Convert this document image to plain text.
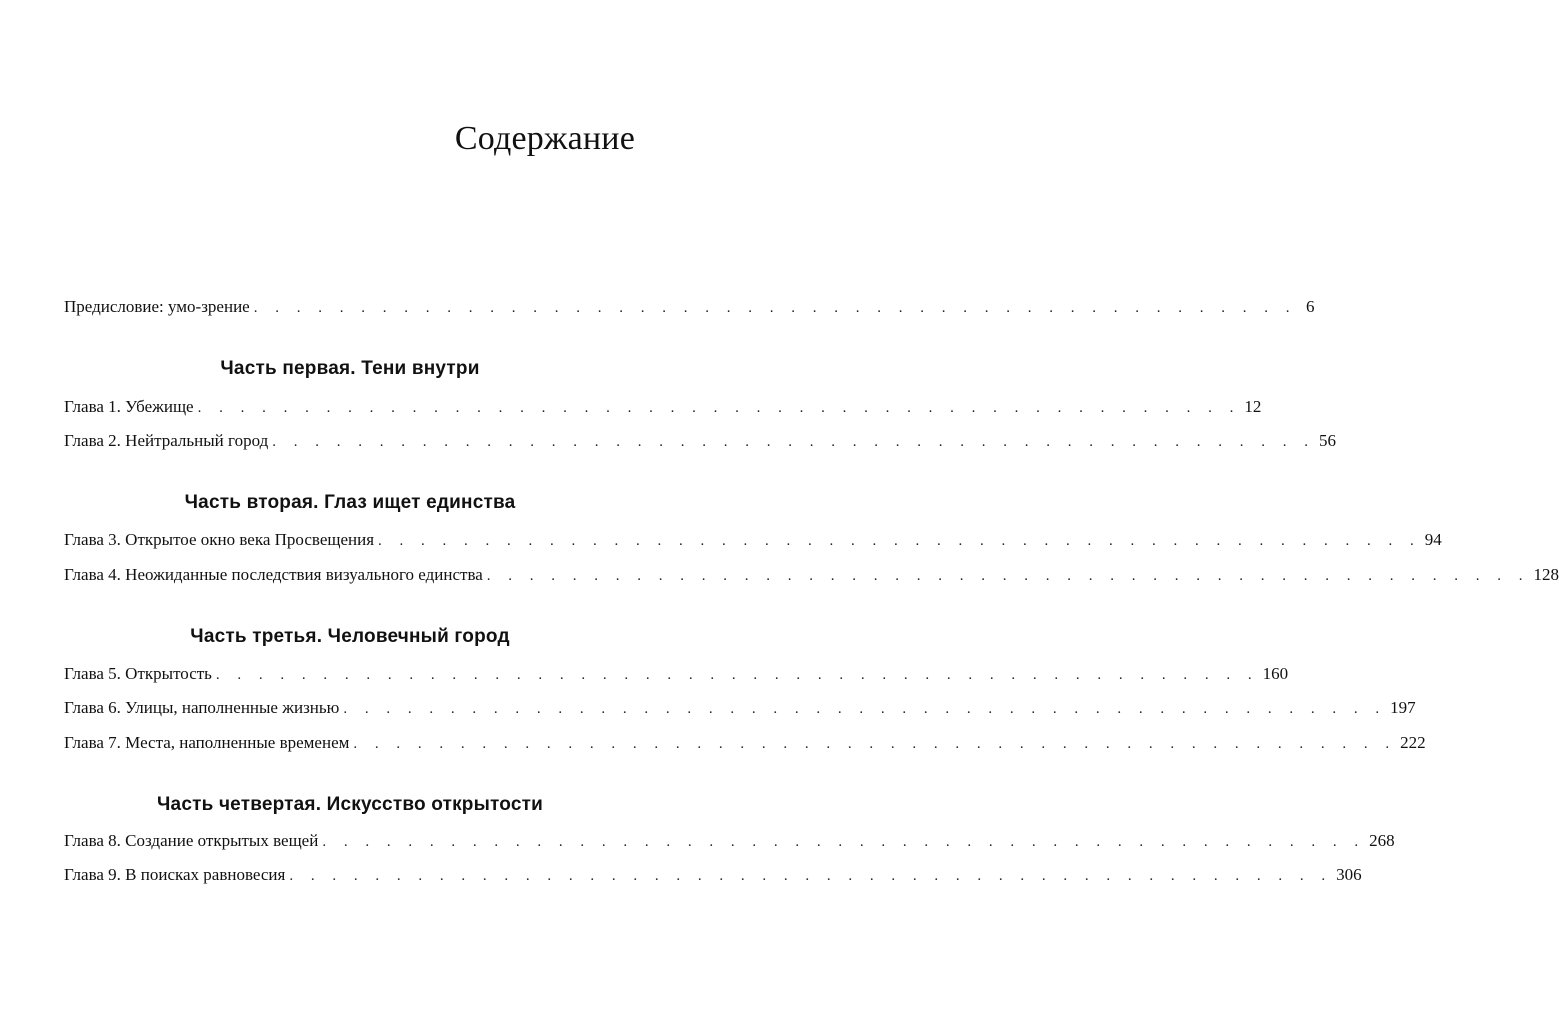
Содержание
Предисловие: умо-зрение . . . . . . . . . . . . . . . . . . . . . . . . . . . . . . . . . . . . . . . . . . . . . . . . . 6
Часть первая. Тени внутри
Глава 1. Убежище . . . . . . . . . . . . . . . . . . . . . . . . . . . . . . . . . . . . . . . . . . . . . . . . . 12
Глава 2. Нейтральный город . . . . . . . . . . . . . . . . . . . . . . . . . . . . . . . . . . . . . . . . . . . . . . . . . 56
Часть вторая. Глаз ищет единства
Глава 3. Открытое окно века Просвещения . . . . . . . . . . . . . . . . . . . . . . . . . . . . . . . . . . . . . . . . . . . . . . . . . 94
Глава 4. Неожиданные последствия визуального единства . . . . . . . . . . . . . . . . . . . . . . . . . . . . . . . . . . . . . . . . . . . . . . . . . 128
Часть третья. Человечный город
Глава 5. Открытость . . . . . . . . . . . . . . . . . . . . . . . . . . . . . . . . . . . . . . . . . . . . . . . . . 160
Глава 6. Улицы, наполненные жизнью . . . . . . . . . . . . . . . . . . . . . . . . . . . . . . . . . . . . . . . . . . . . . . . . . 197
Глава 7. Места, наполненные временем . . . . . . . . . . . . . . . . . . . . . . . . . . . . . . . . . . . . . . . . . . . . . . . . . 222
Часть четвертая. Искусство открытости
Глава 8. Создание открытых вещей . . . . . . . . . . . . . . . . . . . . . . . . . . . . . . . . . . . . . . . . . . . . . . . . . 268
Глава 9. В поисках равновесия . . . . . . . . . . . . . . . . . . . . . . . . . . . . . . . . . . . . . . . . . . . . . . . . . 306
